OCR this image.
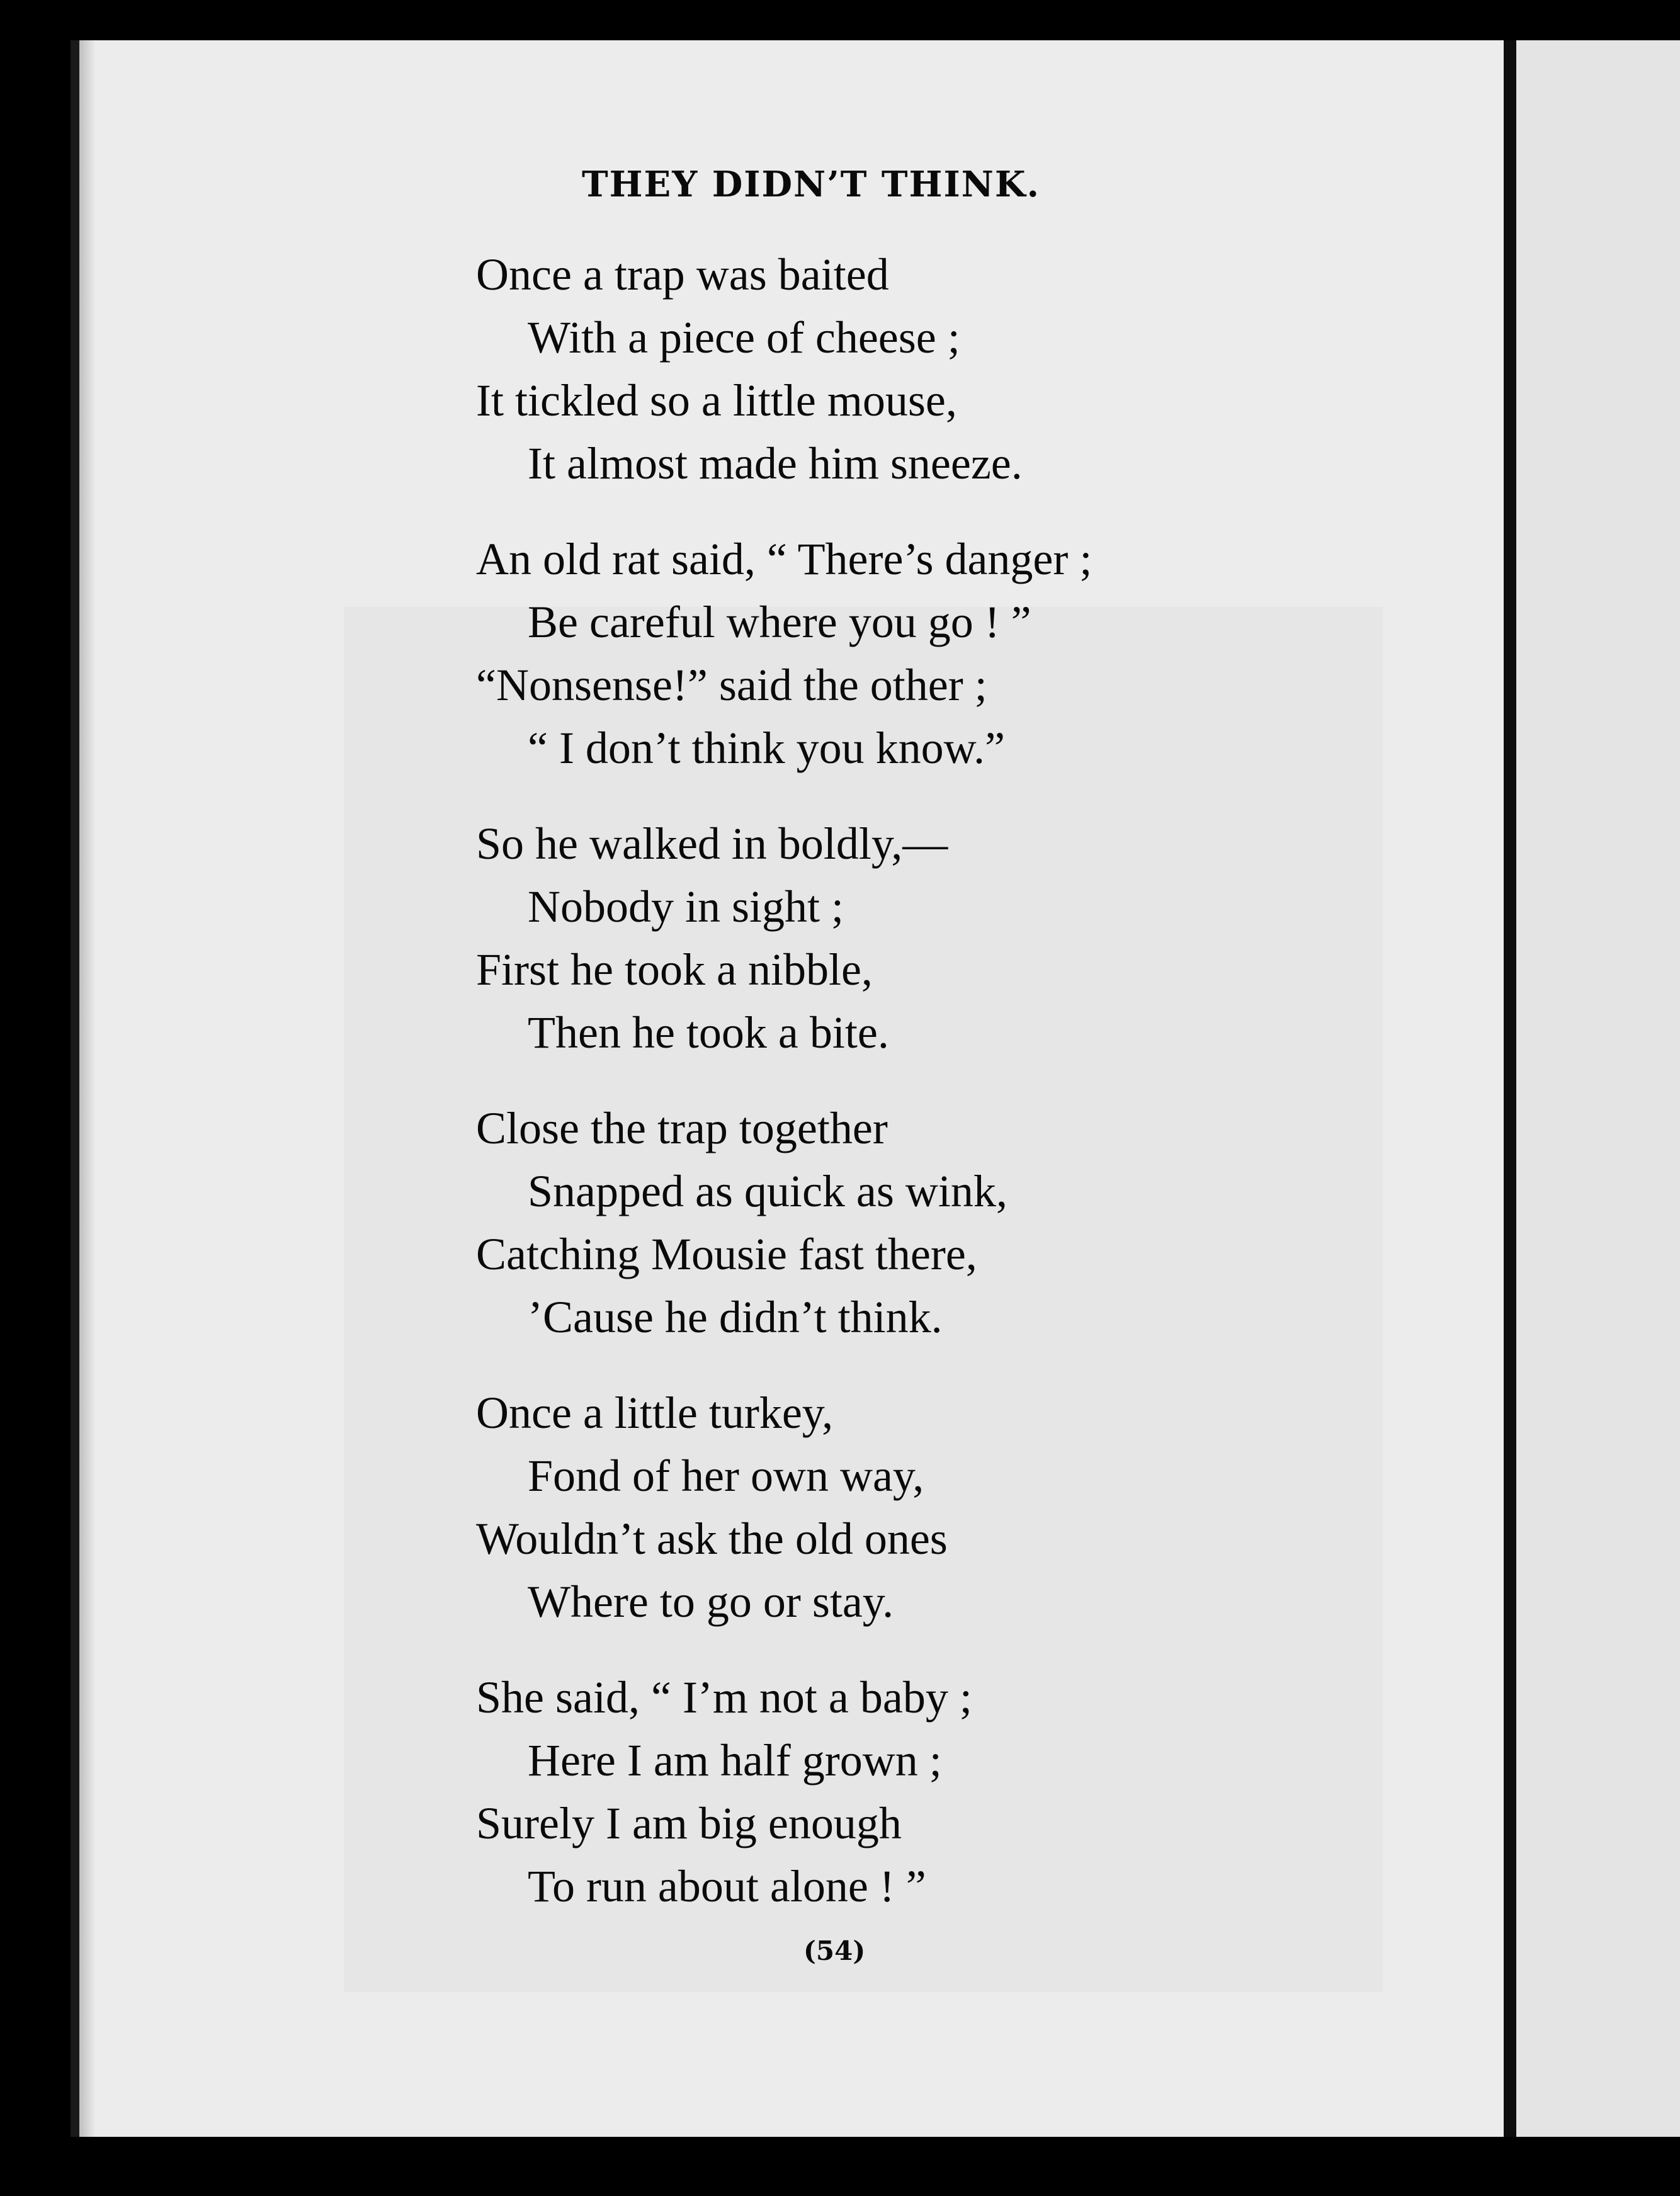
THEY DIDN’T THINK.
Once a trap was baited
With a piece of cheese ;
It tickled so a little mouse,
It almost made him sneeze.
An old rat said, “ There’s danger ;
Be careful where you go ! ”
“Nonsense!” said the other ;
“ I don’t think you know.”
So he walked in boldly,—
Nobody in sight ;
First he took a nibble,
Then he took a bite.
Close the trap together
Snapped as quick as wink,
Catching Mousie fast there,
’Cause he didn’t think.
Once a little turkey,
Fond of her own way,
Wouldn’t ask the old ones
Where to go or stay.
She said, “ I’m not a baby ;
Here I am half grown ;
Surely I am big enough
To run about alone ! ”
(54)
